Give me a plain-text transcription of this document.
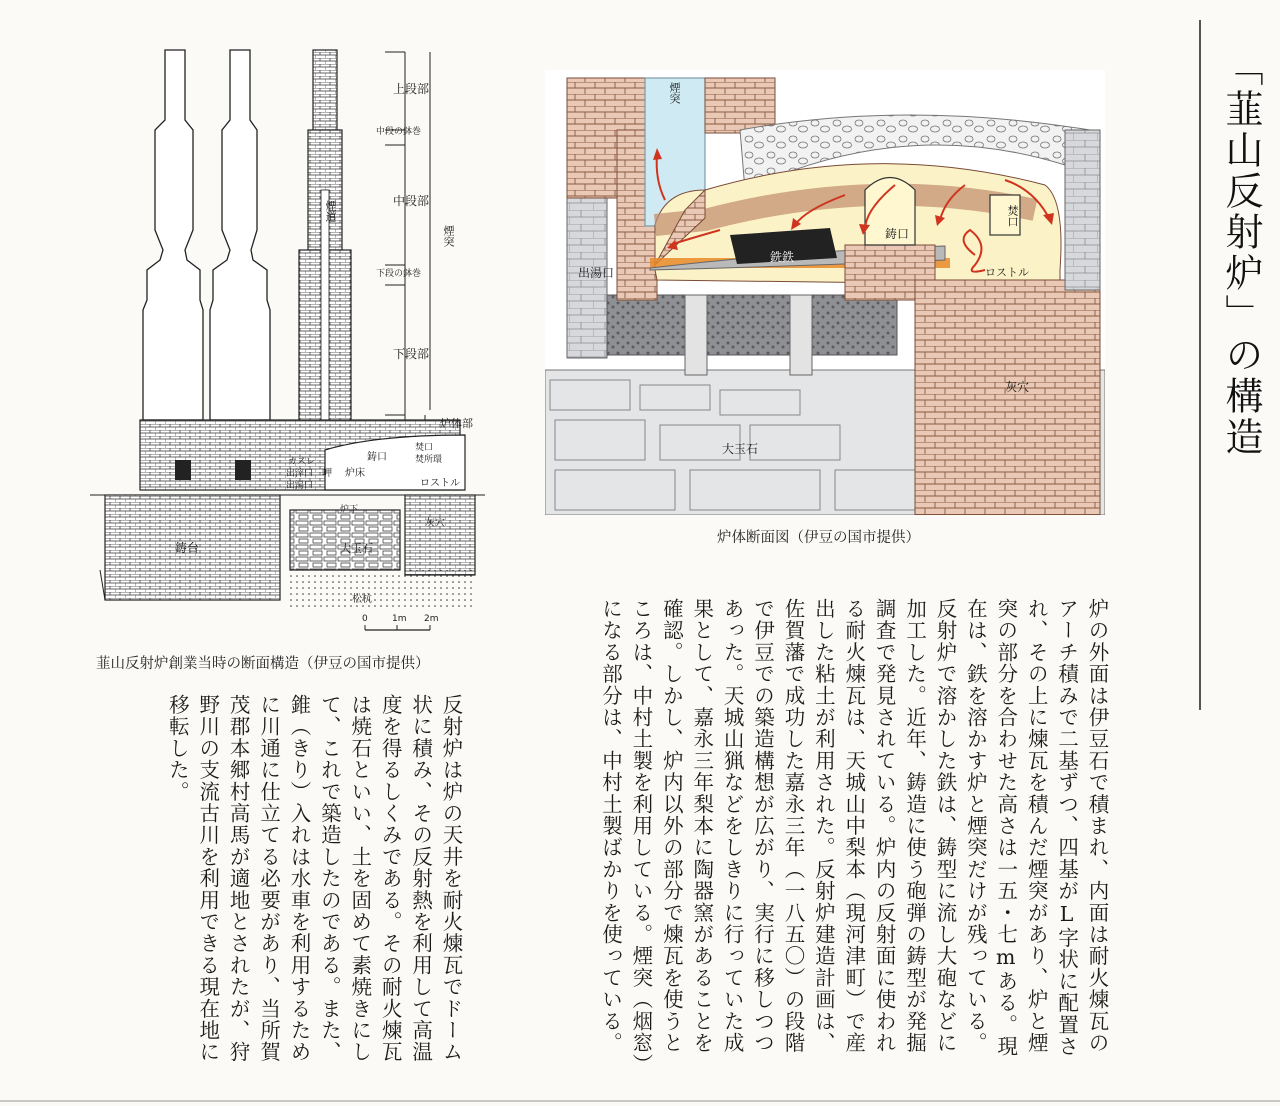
「韮山反射炉」の構造
上段部
中段の鉢巻
中段部
下段の鉢巻
下段部
煙突
煙道
炉体部
焚口
焚所環
ロストル
鋳口
岬 炉床
カスレ
出滓口
出湯口
炉下
灰穴
大玉石
鋳台
松杭
0	1m 2m
韮山反射炉創業当時の断面構造（伊豆の国市提供）
煙突
鋳口
焚口
銑鉄
出湯口	ロストル
灰穴
大玉石
炉体断面図（伊豆の国市提供）
炉の外面は伊豆石で積まれ、内面は耐火煉瓦のアーチ積みで二基ずつ、四基がL字状に配置され、その上に煉瓦を積んだ煙突があり、炉と煙突の部分を合わせた高さは一五・七mある。現在は、鉄を溶かす炉と煙突だけが残っている。反射炉で溶かした鉄は、鋳型に流し大砲などに加工した。近年、鋳造に使う砲弾の鋳型が発掘調査で発見されている。炉内の反射面に使われる耐火煉瓦は、天城山中梨本（現河津町）で産出した粘土が利用された。反射炉建造計画は、佐賀藩で成功した嘉永三年（一八五〇）の段階で伊豆での築造構想が広がり、実行に移しつつあった。天城山猟などをしきりに行っていた成果として、嘉永三年梨本に陶器窯があることを確認。しかし、炉内以外の部分で煉瓦を使うところは、中村土製を利用している。煙突（烟窓）になる部分は、中村土製ばかりを使っている。
反射炉は炉の天井を耐火煉瓦でドーム状に積み、その反射熱を利用して高温度を得るしくみである。その耐火煉瓦は焼石といい、土を固めて素焼きにして、これで築造したのである。また、錐（きり）入れは水車を利用するために川通に仕立てる必要があり、当所賀茂郡本郷村高馬が適地とされたが、狩野川の支流古川を利用できる現在地に移転した。
